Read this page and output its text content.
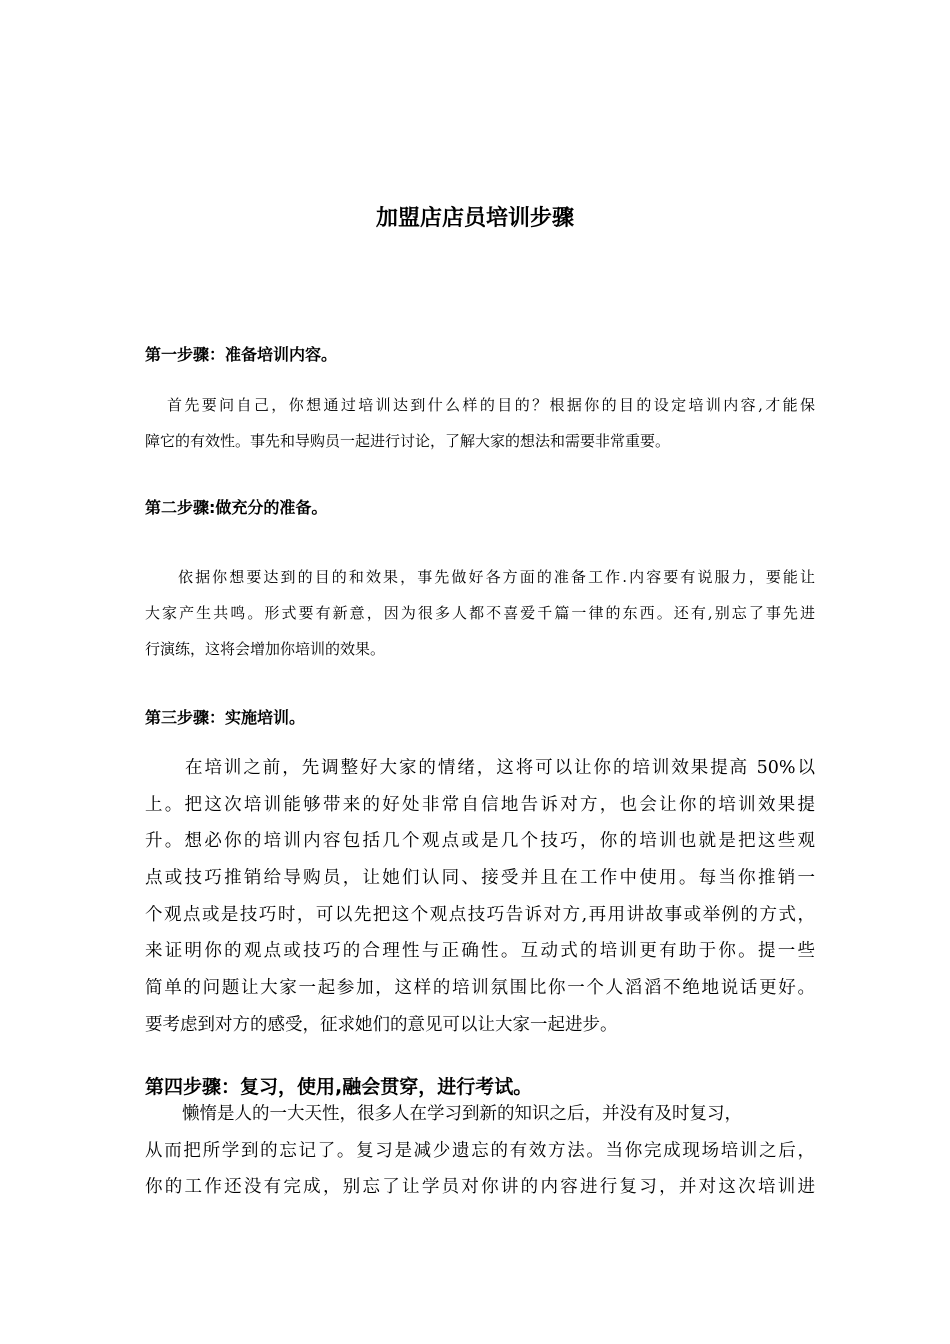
加盟店店员培训步骤
第一步骤：准备培训内容。
首先要问自己，你想通过培训达到什么样的目的？根据你的目的设定培训内容,才能保
障它的有效性。事先和导购员一起进行讨论，了解大家的想法和需要非常重要。
第二步骤:做充分的准备。
依据你想要达到的目的和效果，事先做好各方面的准备工作.内容要有说服力，要能让
大家产生共鸣。形式要有新意，因为很多人都不喜爱千篇一律的东西。还有,别忘了事先进
行演练，这将会增加你培训的效果。
第三步骤：实施培训。
在培训之前，先调整好大家的情绪，这将可以让你的培训效果提高 50%以
上。把这次培训能够带来的好处非常自信地告诉对方，也会让你的培训效果提
升。想必你的培训内容包括几个观点或是几个技巧，你的培训也就是把这些观
点或技巧推销给导购员，让她们认同、接受并且在工作中使用。每当你推销一
个观点或是技巧时，可以先把这个观点技巧告诉对方,再用讲故事或举例的方式，
来证明你的观点或技巧的合理性与正确性。互动式的培训更有助于你。提一些
简单的问题让大家一起参加，这样的培训氛围比你一个人滔滔不绝地说话更好。
要考虑到对方的感受，征求她们的意见可以让大家一起进步。
第四步骤：复习，使用,融会贯穿，进行考试。
懒惰是人的一大天性，很多人在学习到新的知识之后，并没有及时复习，
从而把所学到的忘记了。复习是减少遗忘的有效方法。当你完成现场培训之后，
你的工作还没有完成，别忘了让学员对你讲的内容进行复习，并对这次培训进
